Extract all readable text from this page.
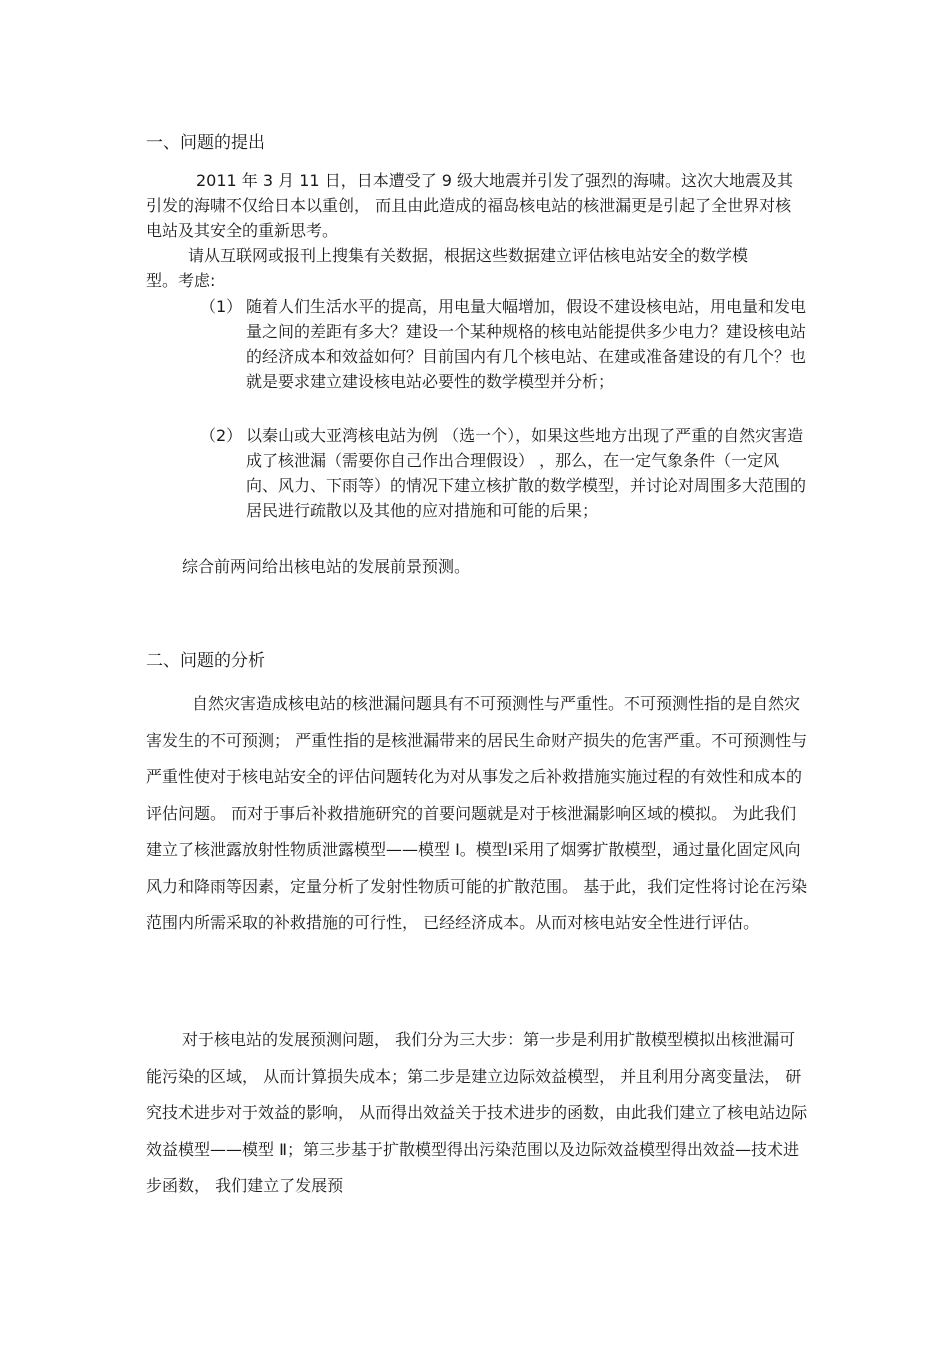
一、问题的提出

2011 年 3 月 11 日，日本遭受了 9 级大地震并引发了强烈的海啸。这次大地震及其引发的海啸不仅给日本以重创， 而且由此造成的福岛核电站的核泄漏更是引起了全世界对核电站及其安全的重新思考。

请从互联网或报刊上搜集有关数据，根据这些数据建立评估核电站安全的数学模型。考虑:

（1） 随着人们生活水平的提高，用电量大幅增加，假设不建设核电站，用电量和发电量之间的差距有多大？建设一个某种规格的核电站能提供多少电力？建设核电站的经济成本和效益如何？目前国内有几个核电站、在建或准备建设的有几个？也就是要求建立建设核电站必要性的数学模型并分析；
（2） 以秦山或大亚湾核电站为例 （选一个），如果这些地方出现了严重的自然灾害造成了核泄漏（需要你自己作出合理假设） ，那么，在一定气象条件（一定风向、风力、下雨等）的情况下建立核扩散的数学模型，并讨论对周围多大范围的居民进行疏散以及其他的应对措施和可能的后果；

综合前两问给出核电站的发展前景预测。

二、问题的分析

自然灾害造成核电站的核泄漏问题具有不可预测性与严重性。不可预测性指的是自然灾害发生的不可预测； 严重性指的是核泄漏带来的居民生命财产损失的危害严重。不可预测性与严重性使对于核电站安全的评估问题转化为对从事发之后补救措施实施过程的有效性和成本的评估问题。 而对于事后补救措施研究的首要问题就是对于核泄漏影响区域的模拟。 为此我们建立了核泄露放射性物质泄露模型——模型 Ⅰ。模型Ⅰ采用了烟雾扩散模型，通过量化固定风向风力和降雨等因素，定量分析了发射性物质可能的扩散范围。 基于此，我们定性将讨论在污染范围内所需采取的补救措施的可行性， 已经经济成本。从而对核电站安全性进行评估。

对于核电站的发展预测问题， 我们分为三大步：第一步是利用扩散模型模拟出核泄漏可能污染的区域， 从而计算损失成本；第二步是建立边际效益模型， 并且利用分离变量法， 研究技术进步对于效益的影响， 从而得出效益关于技术进步的函数，由此我们建立了核电站边际效益模型——模型 Ⅱ；第三步基于扩散模型得出污染范围以及边际效益模型得出效益—技术进步函数， 我们建立了发展预
